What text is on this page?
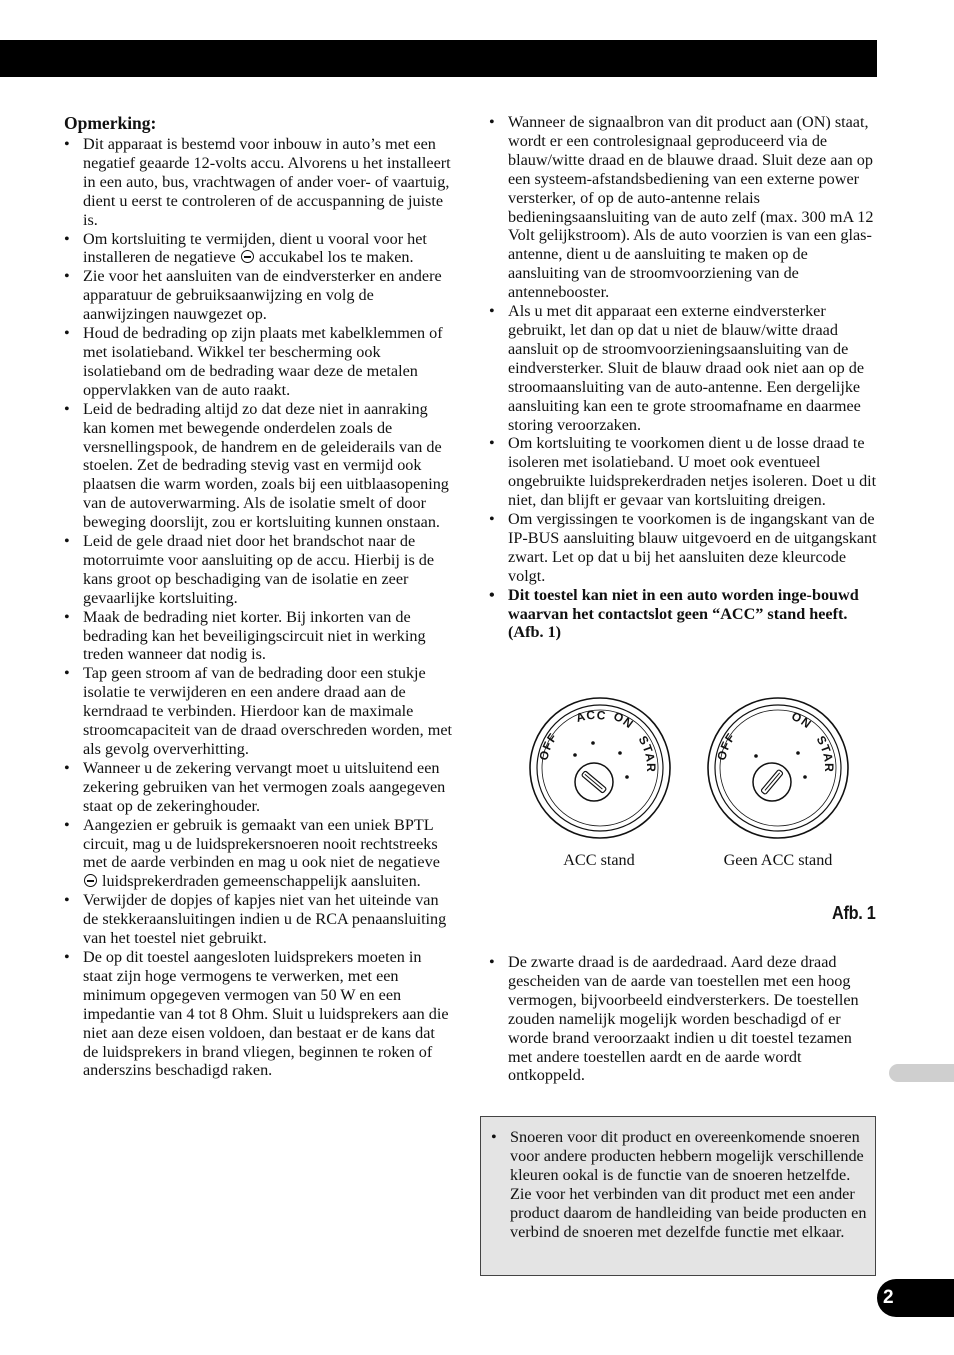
Opmerking:
• Dit apparaat is bestemd voor inbouw in auto’s met een negatief geaarde 12-volts accu. Alvorens u het installeert in een auto, bus, vrachtwagen of ander voer- of vaartuig, dient u eerst te controleren of de accuspanning de juiste is.
• Om kortsluiting te vermijden, dient u vooral voor het installeren de negatieve accukabel los te maken.
• Zie voor het aansluiten van de eindversterker en andere apparatuur de gebruiksaanwijzing en volg de aanwijzingen nauwgezet op.
• Houd de bedrading op zijn plaats met kabelklemmen of met isolatieband. Wikkel ter bescherming ook isolatieband om de bedrading waar deze de metalen oppervlakken van de auto raakt.
• Leid de bedrading altijd zo dat deze niet in aanraking kan komen met bewegende onderdelen zoals de versnellingspook, de handrem en de geleiderails van de stoelen. Zet de bedrading stevig vast en vermijd ook plaatsen die warm worden, zoals bij een uitblaasopening van de autoverwarming. Als de isolatie smelt of door beweging doorslijt, zou er kortsluiting kunnen onstaan.
• Leid de gele draad niet door het brandschot naar de motorruimte voor aansluiting op de accu. Hierbij is de kans groot op beschadiging van de isolatie en zeer gevaarlijke kortsluiting.
• Maak de bedrading niet korter. Bij inkorten van de bedrading kan het beveiligingscircuit niet in werking treden wanneer dat nodig is.
• Tap geen stroom af van de bedrading door een stukje isolatie te verwijderen en een andere draad aan de kerndraad te verbinden. Hierdoor kan de maximale stroomcapaciteit van de draad overschreden worden, met als gevolg oververhitting.
• Wanneer u de zekering vervangt moet u uitsluitend een zekering gebruiken van het vermogen zoals aangegeven staat op de zekeringhouder.
• Aangezien er gebruik is gemaakt van een uniek BPTL circuit, mag u de luidsprekersnoeren nooit rechtstreeks met de aarde verbinden en mag u ook niet de negatieve  luidsprekerdraden gemeenschappelijk aansluiten.
• Verwijder de dopjes of kapjes niet van het uiteinde van de stekkeraansluitingen indien u de RCA penaansluiting van het toestel niet gebruikt.
• De op dit toestel aangesloten luidsprekers moeten in staat zijn hoge vermogens te verwerken, met een minimum opgegeven vermogen van 50 W en een impedantie van 4 tot 8 Ohm. Sluit u luidsprekers aan die niet aan deze eisen voldoen, dan bestaat er de kans dat de luidsprekers in brand vliegen, beginnen te roken of anderszins beschadigd raken.
• Wanneer de signaalbron van dit product aan (ON) staat, wordt er een controlesignaal geproduceerd via de blauw/witte draad en de blauwe draad. Sluit deze aan op een systeem-afstandsbediening van een externe power versterker, of op de auto-antenne relais bedieningsaansluiting van de auto zelf (max. 300 mA 12 Volt gelijkstroom). Als de auto voorzien is van een glas-antenne, dient u de aansluiting te maken op de aansluiting van de stroomvoorziening van de antennebooster.
• Als u met dit apparaat een externe eindversterker gebruikt, let dan op dat u niet de blauw/witte draad aansluit op de stroomvoorzieningsaansluiting van de eindversterker. Sluit de blauw draad ook niet aan op de stroomaansluiting van de auto-antenne. Een dergelijke aansluiting kan een te grote stroomafname en daarmee storing veroorzaken.
• Om kortsluiting te voorkomen dient u de losse draad te isoleren met isolatieband. U moet ook eventueel ongebruikte luidsprekerdraden netjes isoleren. Doet u dit niet, dan blijft er gevaar van kortsluiting dreigen.
• Om vergissingen te voorkomen is de ingangskant van de IP-BUS aansluiting blauw uitgevoerd en de uitgangskant zwart. Let op dat u bij het aansluiten deze kleurcode volgt.
• Dit toestel kan niet in een auto worden inge-bouwd waarvan het contactslot geen “ACC” stand heeft. (Afb. 1)
OFF
ACC ON
STAR
OFF
ON
STAR
ACC stand	Geen ACC stand
Afb. 1
• De zwarte draad is de aardedraad. Aard deze draad gescheiden van de aarde van toestellen met een hoog vermogen, bijvoorbeeld eindversterkers. De toestellen zouden namelijk mogelijk worden beschadigd of er worde brand veroorzaakt indien u dit toestel tezamen met andere toestellen aardt en de aarde wordt ontkoppeld.
• Snoeren voor dit product en overeenkomende snoeren voor andere producten hebbern mogelijk verschillende kleuren ookal is de functie van de snoeren hetzelfde. Zie voor het verbinden van dit product met een ander product daarom de handleiding van beide producten en verbind de snoeren met dezelfde functie met elkaar.
2
